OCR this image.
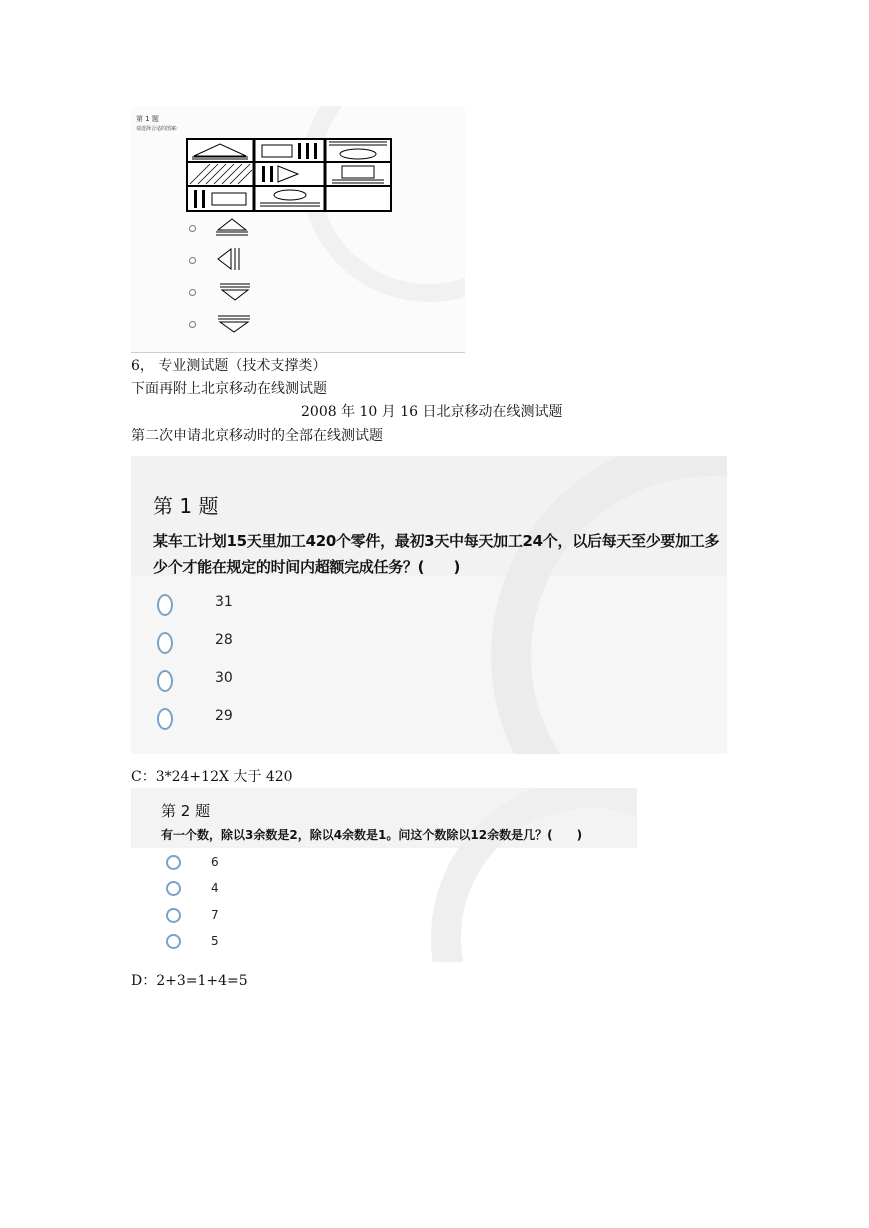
第 1 题
请选择合适的图案:
6， 专业测试题（技术支撑类）
下面再附上北京移动在线测试题
2008 年 10 月 16 日北京移动在线测试题
第二次申请北京移动时的全部在线测试题
第 1 题
某车工计划15天里加工420个零件，最初3天中每天加工24个，以后每天至少要加工多少个才能在规定的时间内超额完成任务？(　　)
31
28
30
29
C：3*24+12X 大于 420
第 2 题
有一个数，除以3余数是2，除以4余数是1。问这个数除以12余数是几？(　　)
6
4
7
5
D：2+3=1+4=5
